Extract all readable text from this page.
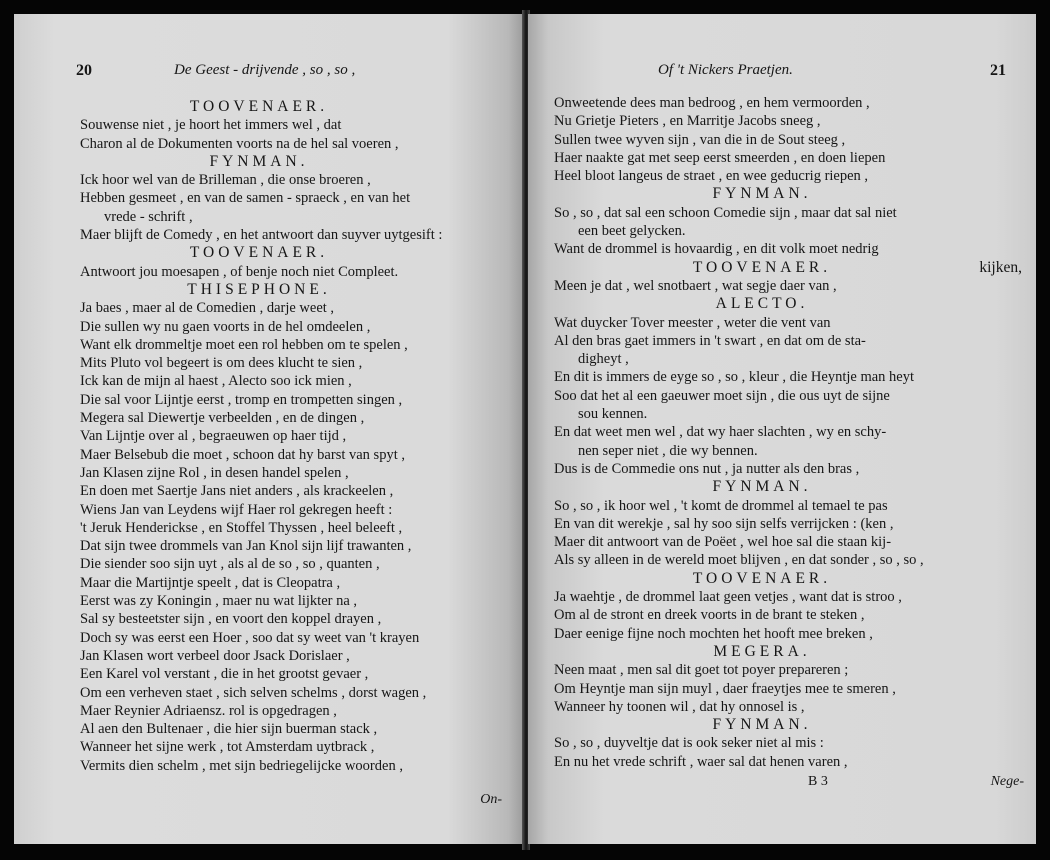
20	De Geest - drijvende , so , so ,
TOOVENAER.
Souwense niet , je hoort het immers wel , dat
Charon al de Dokumenten voorts na de hel sal voeren ,
FYNMAN.
Ick hoor wel van de Brilleman , die onse broeren ,
Hebben gesmeet , en van de samen - spraeck , en van het
vrede - schrift ,
Maer blijft de Comedy , en het antwoort dan suyver uytgesift :
TOOVENAER.
Antwoort jou moesapen , of benje noch niet Compleet.
THISEPHONE.
Ja baes , maer al de Comedien , darje weet ,
Die sullen wy nu gaen voorts in de hel omdeelen ,
Want elk drommeltje moet een rol hebben om te spelen ,
Mits Pluto vol begeert is om dees klucht te sien ,
Ick kan de mijn al haest , Alecto soo ick mien ,
Die sal voor Lijntje eerst , tromp en trompetten singen ,
Megera sal Diewertje verbeelden , en de dingen ,
Van Lijntje over al , begraeuwen op haer tijd ,
Maer Belsebub die moet , schoon dat hy barst van spyt ,
Jan Klasen zijne Rol , in desen handel spelen ,
En doen met Saertje Jans niet anders , als krackeelen ,
Wiens Jan van Leydens wijf Haer rol gekregen heeft :
't Jeruk Henderickse , en Stoffel Thyssen , heel beleeft ,
Dat sijn twee drommels van Jan Knol sijn lijf trawanten ,
Die siender soo sijn uyt , als al de so , so , quanten ,
Maar die Martijntje speelt , dat is Cleopatra ,
Eerst was zy Koningin , maer nu wat lijkter na ,
Sal sy besteetster sijn , en voort den koppel drayen ,
Doch sy was eerst een Hoer , soo dat sy weet van 't krayen
Jan Klasen wort verbeel door Jsack Dorislaer ,
Een Karel vol verstant , die in het grootst gevaer ,
Om een verheven staet , sich selven schelms , dorst wagen ,
Maer Reynier Adriaensz. rol is opgedragen ,
Al aen den Bultenaer , die hier sijn buerman stack ,
Wanneer het sijne werk , tot Amsterdam uytbrack ,
Vermits dien schelm , met sijn bedriegelijcke woorden ,
On-
Of 't Nickers Praetjen.	21
Onweetende dees man bedroog , en hem vermoorden ,
Nu Grietje Pieters , en Marritje Jacobs sneeg ,
Sullen twee wyven sijn , van die in de Sout steeg ,
Haer naakte gat met seep eerst smeerden , en doen liepen
Heel bloot langeus de straet , en wee geducrig riepen ,
FYNMAN.
So , so , dat sal een schoon Comedie sijn , maar dat sal niet
een beet gelycken.
Want de drommel is hovaardig , en dit volk moet nedrig
TOOVENAER.	kijken,
Meen je dat , wel snotbaert , wat segje daer van ,
ALECTO.
Wat duycker Tover meester , weter die vent van
Al den bras gaet immers in 't swart , en dat om de sta-
digheyt ,
En dit is immers de eyge so , so , kleur , die Heyntje man heyt
Soo dat het al een gaeuwer moet sijn , die ous uyt de sijne
sou kennen.
En dat weet men wel , dat wy haer slachten , wy en schy-
nen seper niet , die wy bennen.
Dus is de Commedie ons nut , ja nutter als den bras ,
FYNMAN.
So , so , ik hoor wel , 't komt de drommel al temael te pas
En van dit werekje , sal hy soo sijn selfs verrijcken : (ken ,
Maer dit antwoort van de Poëet , wel hoe sal die staan kij-
Als sy alleen in de wereld moet blijven , en dat sonder , so , so ,
TOOVENAER.
Ja waehtje , de drommel laat geen vetjes , want dat is stroo ,
Om al de stront en dreek voorts in de brant te steken ,
Daer eenige fijne noch mochten het hooft mee breken ,
MEGERA.
Neen maat , men sal dit goet tot poyer prepareren ;
Om Heyntje man sijn muyl , daer fraeytjes mee te smeren ,
Wanneer hy toonen wil , dat hy onnosel is ,
FYNMAN.
So , so , duyveltje dat is ook seker niet al mis :
En nu het vrede schrift , waer sal dat henen varen ,
B 3	Nege-
